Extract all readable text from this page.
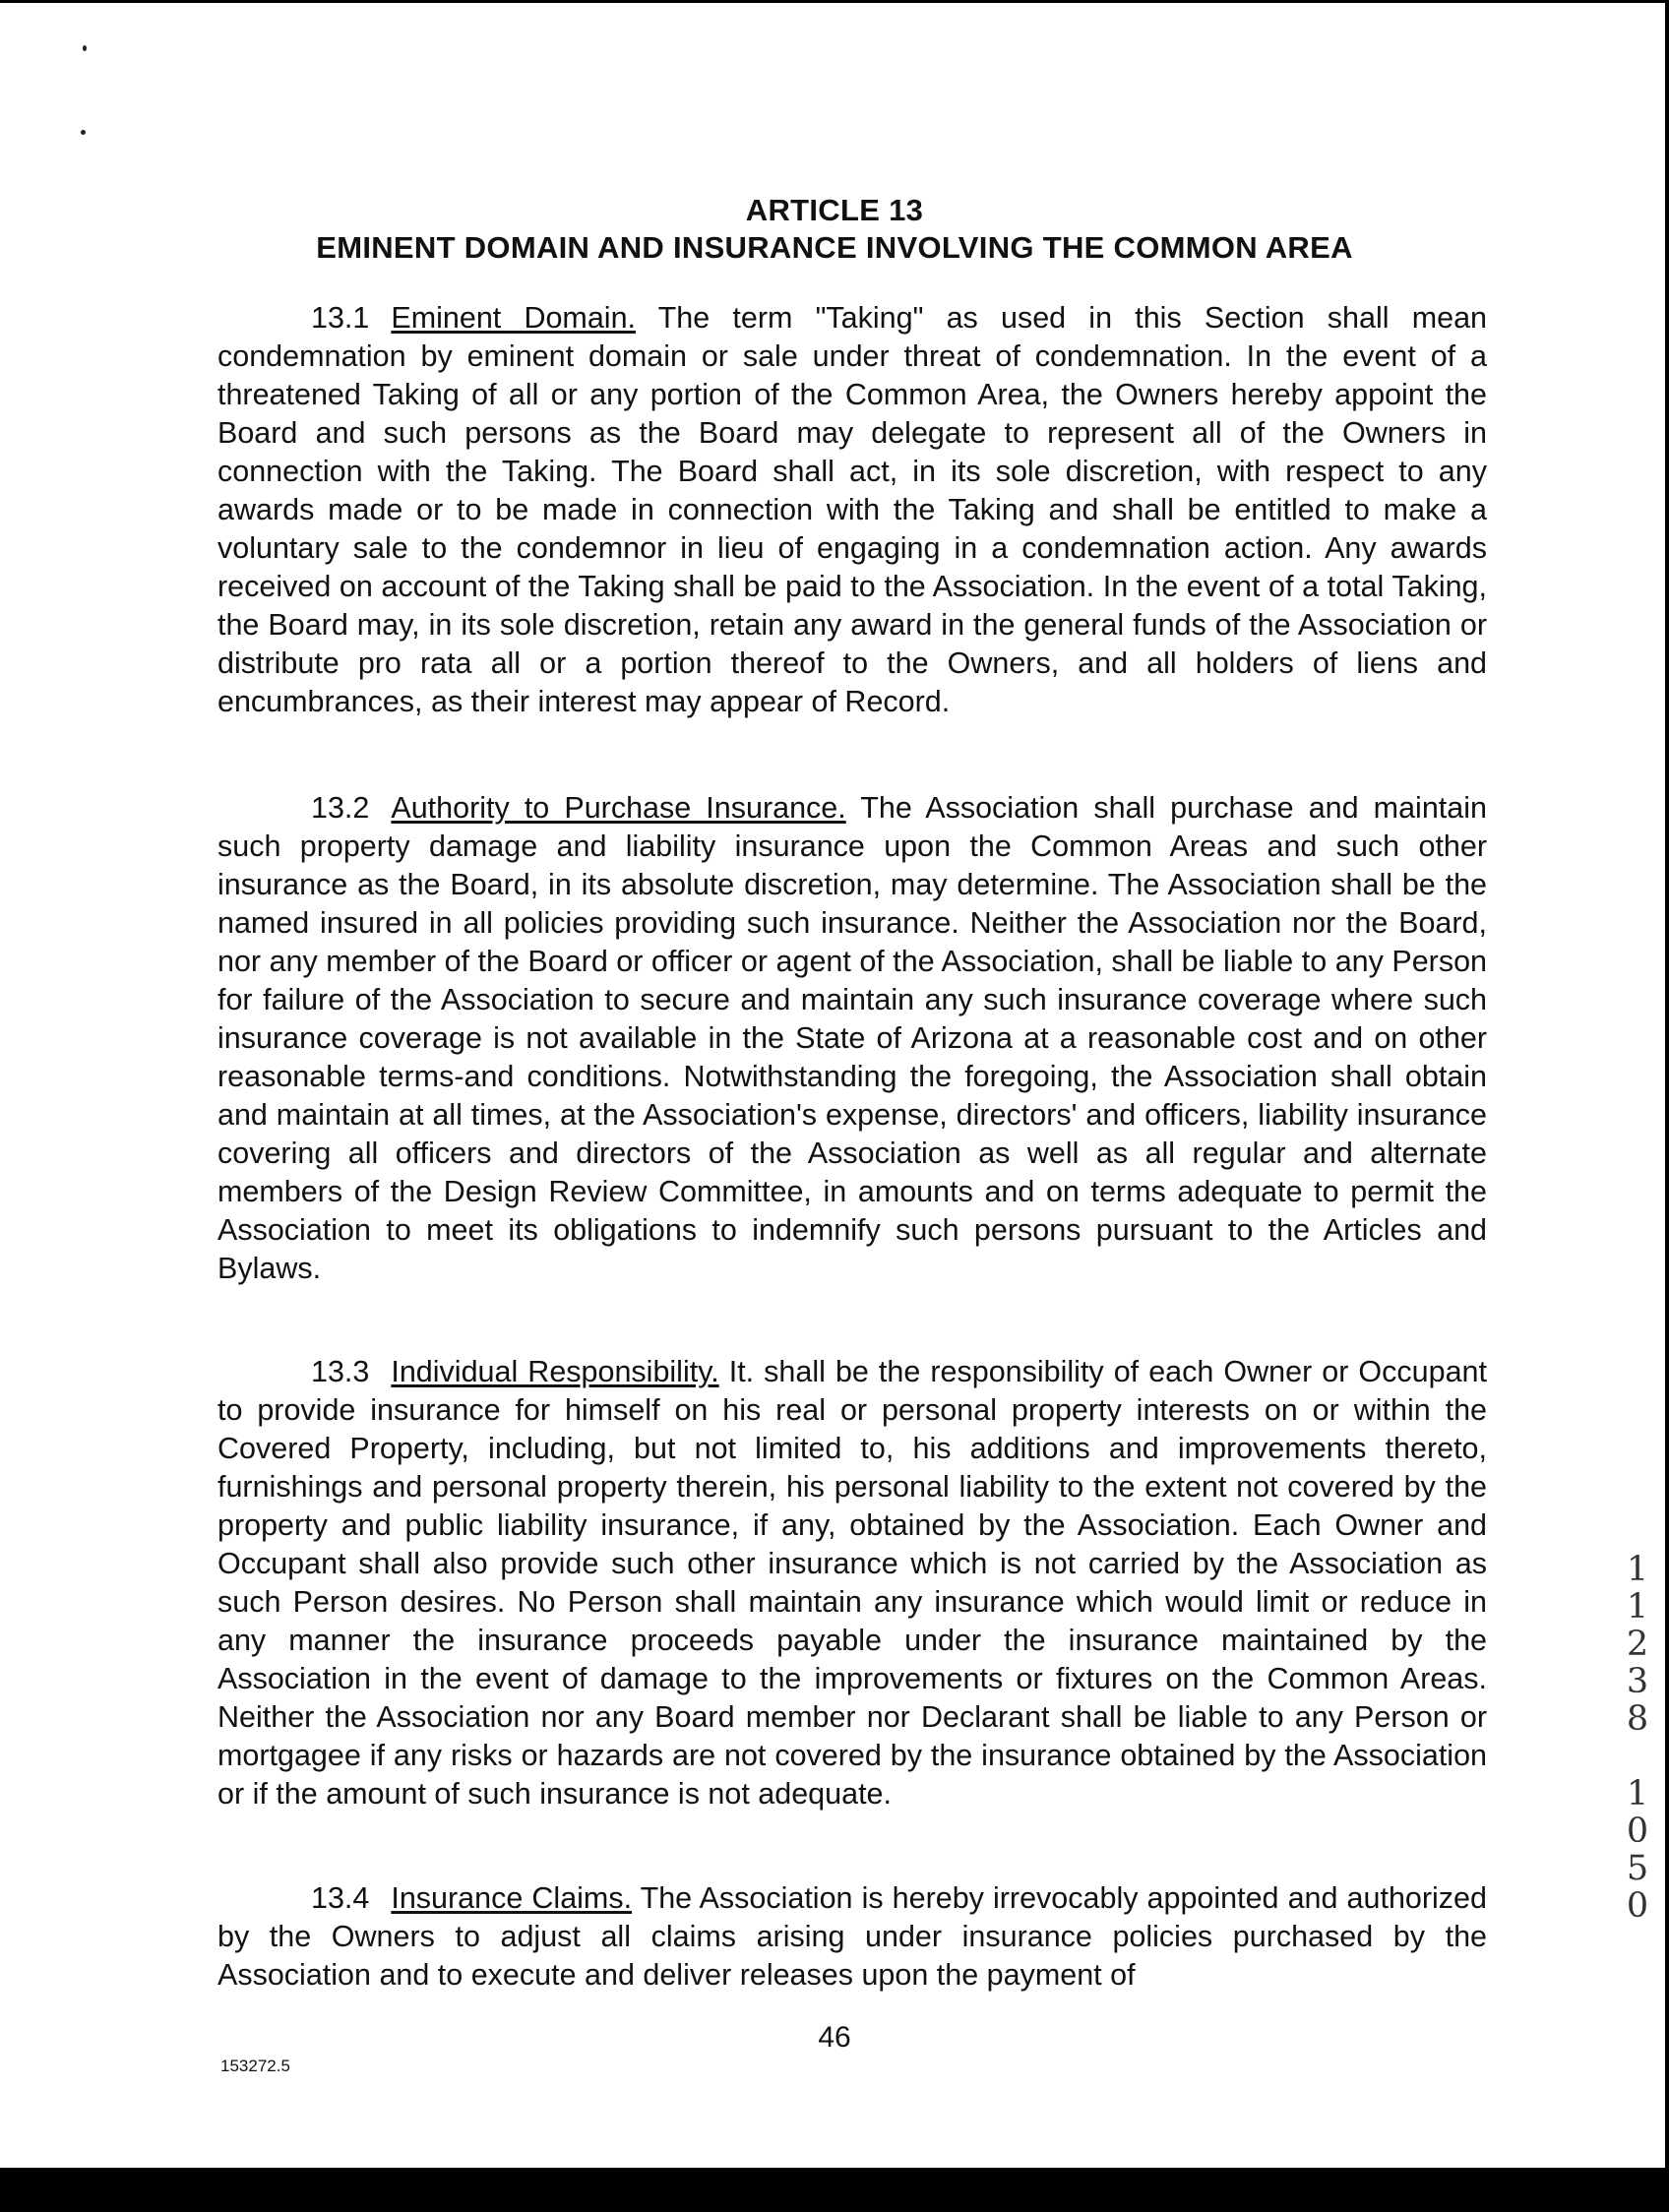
ARTICLE 13
EMINENT DOMAIN AND INSURANCE INVOLVING THE COMMON AREA

13.1 Eminent Domain. The term "Taking" as used in this Section shall mean condemnation by eminent domain or sale under threat of condemnation. In the event of a threatened Taking of all or any portion of the Common Area, the Owners hereby appoint the Board and such persons as the Board may delegate to represent all of the Owners in connection with the Taking. The Board shall act, in its sole discretion, with respect to any awards made or to be made in connection with the Taking and shall be entitled to make a voluntary sale to the condemnor in lieu of engaging in a condemnation action. Any awards received on account of the Taking shall be paid to the Association. In the event of a total Taking, the Board may, in its sole discretion, retain any award in the general funds of the Association or distribute pro rata all or a portion thereof to the Owners, and all holders of liens and encumbrances, as their interest may appear of Record.

13.2 Authority to Purchase Insurance. The Association shall purchase and maintain such property damage and liability insurance upon the Common Areas and such other insurance as the Board, in its absolute discretion, may determine. The Association shall be the named insured in all policies providing such insurance. Neither the Association nor the Board, nor any member of the Board or officer or agent of the Association, shall be liable to any Person for failure of the Association to secure and maintain any such insurance coverage where such insurance coverage is not available in the State of Arizona at a reasonable cost and on other reasonable terms-and conditions. Notwithstanding the foregoing, the Association shall obtain and maintain at all times, at the Association's expense, directors' and officers, liability insurance covering all officers and directors of the Association as well as all regular and alternate members of the Design Review Committee, in amounts and on terms adequate to permit the Association to meet its obligations to indemnify such persons pursuant to the Articles and Bylaws.

13.3 Individual Responsibility. It. shall be the responsibility of each Owner or Occupant to provide insurance for himself on his real or personal property interests on or within the Covered Property, including, but not limited to, his additions and improvements thereto, furnishings and personal property therein, his personal liability to the extent not covered by the property and public liability insurance, if any, obtained by the Association. Each Owner and Occupant shall also provide such other insurance which is not carried by the Association as such Person desires. No Person shall maintain any insurance which would limit or reduce in any manner the insurance proceeds payable under the insurance maintained by the Association in the event of damage to the improvements or fixtures on the Common Areas. Neither the Association nor any Board member nor Declarant shall be liable to any Person or mortgagee if any risks or hazards are not covered by the insurance obtained by the Association or if the amount of such insurance is not adequate.

13.4 Insurance Claims. The Association is hereby irrevocably appointed and authorized by the Owners to adjust all claims arising under insurance policies purchased by the Association and to execute and deliver releases upon the payment of

46
153272.5
1
1
2
3
8
1
0
5
0
